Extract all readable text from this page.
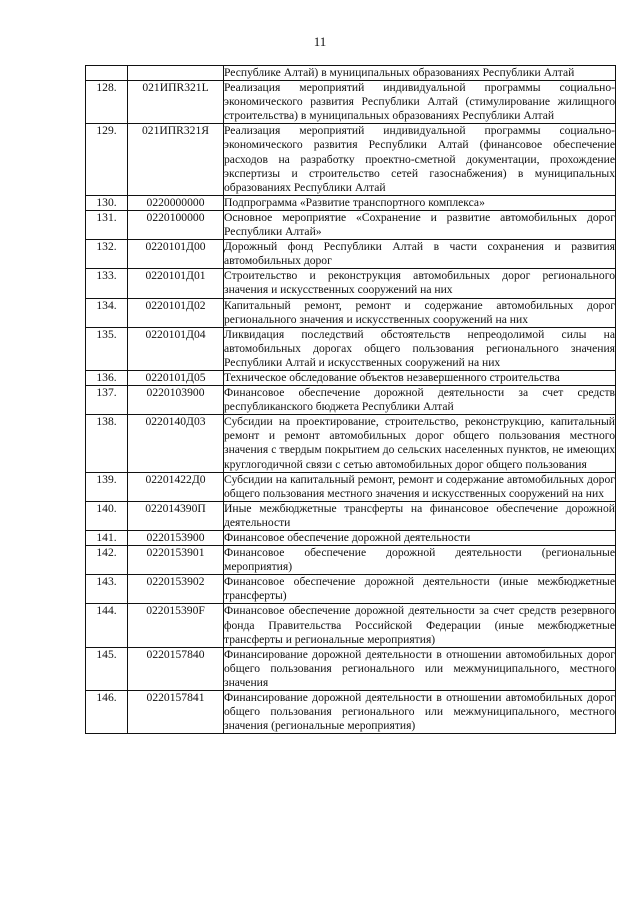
11
		Республике Алтай) в муниципальных образованиях Республики Алтай
128.	021ИПR321L	Реализация мероприятий индивидуальной программы социально-экономического развития Республики Алтай (стимулирование жилищного строительства) в муниципальных образованиях Республики Алтай
129.	021ИПR321Я	Реализация мероприятий индивидуальной программы социально-экономического развития Республики Алтай (финансовое обеспечение расходов на разработку проектно-сметной документации, прохождение экспертизы и строительство сетей газоснабжения) в муниципальных образованиях Республики Алтай
130.	0220000000	Подпрограмма «Развитие транспортного комплекса»
131.	0220100000	Основное мероприятие «Сохранение и развитие автомобильных дорог Республики Алтай»
132.	0220101Д00	Дорожный фонд Республики Алтай в части сохранения и развития автомобильных дорог
133.	0220101Д01	Строительство и реконструкция автомобильных дорог регионального значения и искусственных сооружений на них
134.	0220101Д02	Капитальный ремонт, ремонт и содержание автомобильных дорог регионального значения и искусственных сооружений на них
135.	0220101Д04	Ликвидация последствий обстоятельств непреодолимой силы на автомобильных дорогах общего пользования регионального значения Республики Алтай и искусственных сооружений на них
136.	0220101Д05	Техническое обследование объектов незавершенного строительства
137.	0220103900	Финансовое обеспечение дорожной деятельности за счет средств республиканского бюджета Республики Алтай
138.	0220140Д03	Субсидии на проектирование, строительство, реконструкцию, капитальный ремонт и ремонт автомобильных дорог общего пользования местного значения с твердым покрытием до сельских населенных пунктов, не имеющих круглогодичной связи с сетью автомобильных дорог общего пользования
139.	02201422Д0	Субсидии на капитальный ремонт, ремонт и содержание автомобильных дорог общего пользования местного значения и искусственных сооружений на них
140.	022014390П	Иные межбюджетные трансферты на финансовое обеспечение дорожной деятельности
141.	0220153900	Финансовое обеспечение дорожной деятельности
142.	0220153901	Финансовое обеспечение дорожной деятельности (региональные мероприятия)
143.	0220153902	Финансовое обеспечение дорожной деятельности (иные межбюджетные трансферты)
144.	022015390F	Финансовое обеспечение дорожной деятельности за счет средств резервного фонда Правительства Российской Федерации (иные межбюджетные трансферты и региональные мероприятия)
145.	0220157840	Финансирование дорожной деятельности в отношении автомобильных дорог общего пользования регионального или межмуниципального, местного значения
146.	0220157841	Финансирование дорожной деятельности в отношении автомобильных дорог общего пользования регионального или межмуниципального, местного значения (региональные мероприятия)
